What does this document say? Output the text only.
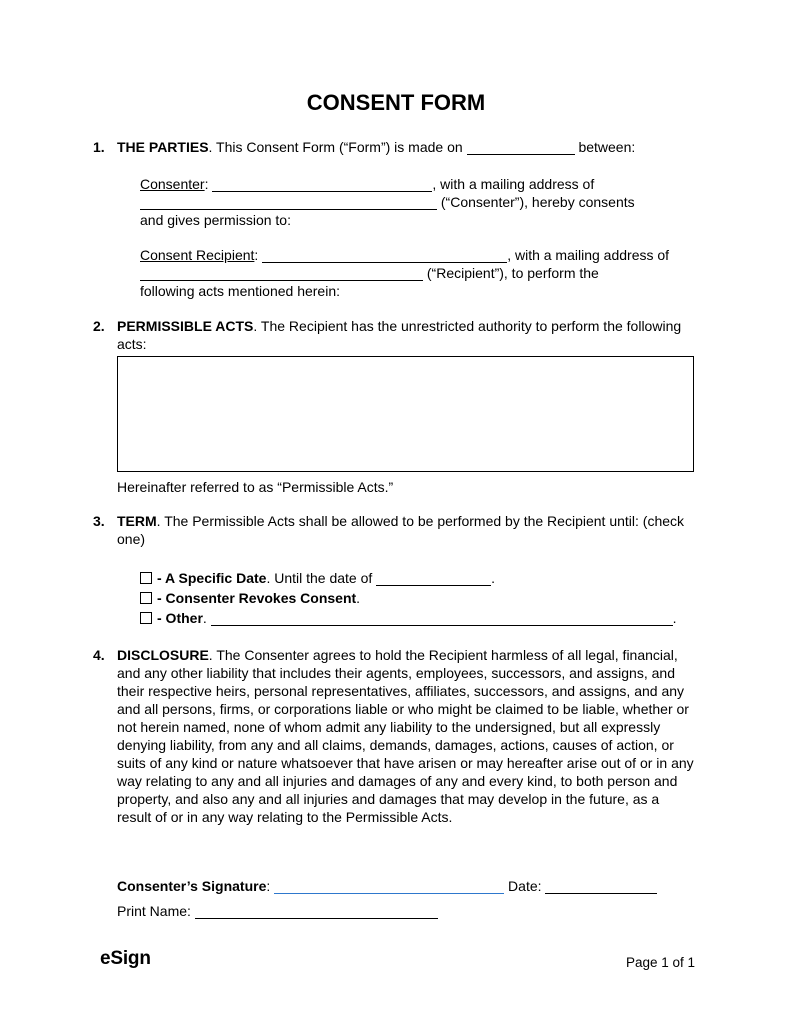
CONSENT FORM
1. THE PARTIES. This Consent Form (“Form”) is made on	between:
Consenter:	, with a mailing address of
(“Consenter”), hereby consents
and gives permission to:
Consent Recipient:	, with a mailing address of
(“Recipient”), to perform the
following acts mentioned herein:
2. PERMISSIBLE ACTS. The Recipient has the unrestricted authority to perform the following acts:
Hereinafter referred to as “Permissible Acts.”
3. TERM. The Permissible Acts shall be allowed to be performed by the Recipient until: (check one)
- A Specific Date. Until the date of	.
- Consenter Revokes Consent.
- Other.	.
4. DISCLOSURE. The Consenter agrees to hold the Recipient harmless of all legal, financial, and any other liability that includes their agents, employees, successors, and assigns, and their respective heirs, personal representatives, affiliates, successors, and assigns, and any and all persons, firms, or corporations liable or who might be claimed to be liable, whether or not herein named, none of whom admit any liability to the undersigned, but all expressly denying liability, from any and all claims, demands, damages, actions, causes of action, or suits of any kind or nature whatsoever that have arisen or may hereafter arise out of or in any way relating to any and all injuries and damages of any and every kind, to both person and property, and also any and all injuries and damages that may develop in the future, as a result of or in any way relating to the Permissible Acts.
Consenter’s Signature:	Date:
Print Name:
eSign	Page 1 of 1
